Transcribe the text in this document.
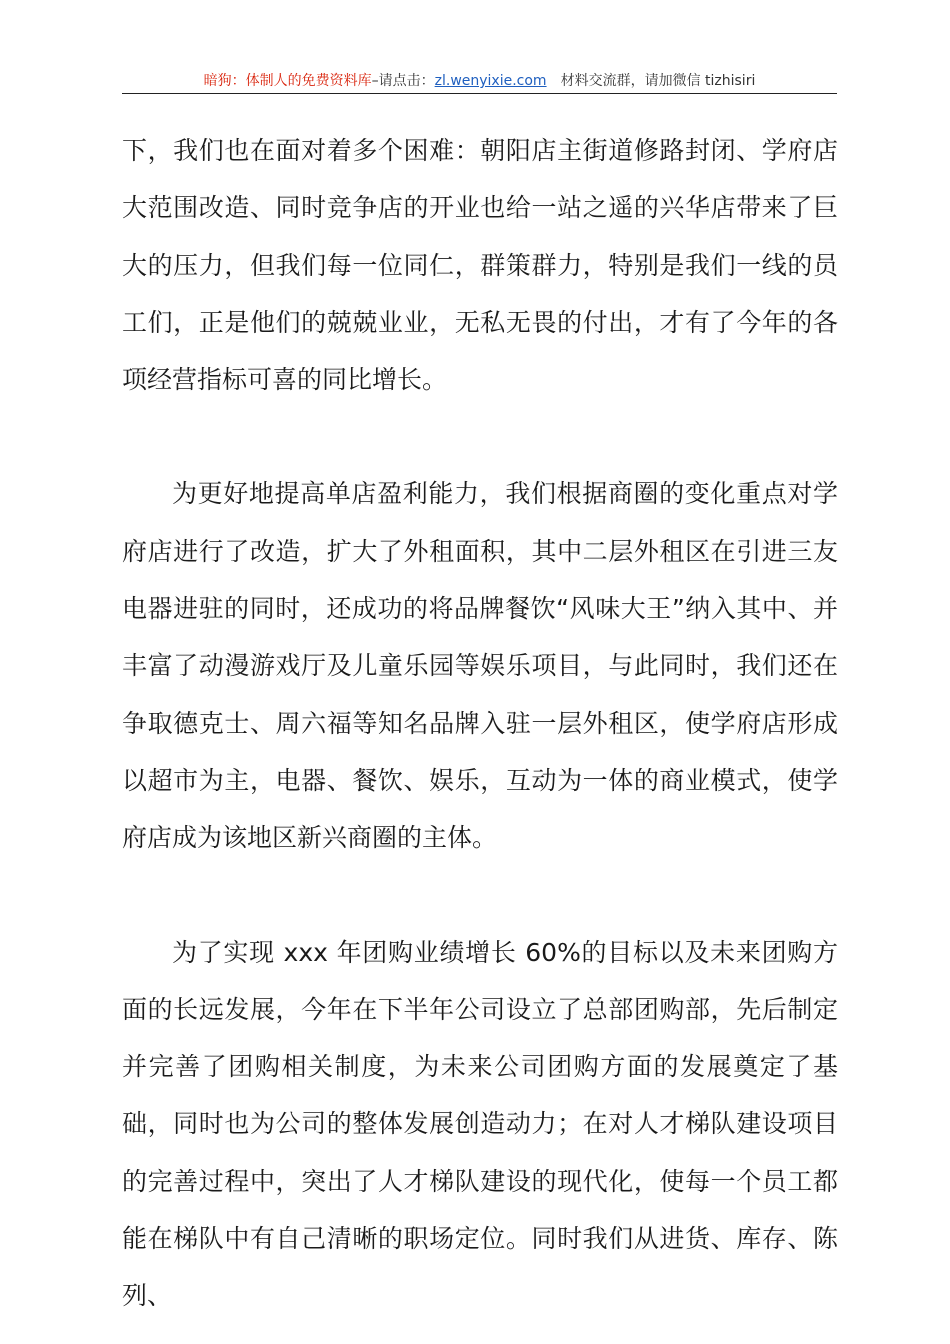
暗狗：体制人的免费资料库–请点击：zl.wenyixie.com 材料交流群，请加微信 tizhisiri

下，我们也在面对着多个困难：朝阳店主街道修路封闭、学府店大范围改造、同时竞争店的开业也给一站之遥的兴华店带来了巨大的压力，但我们每一位同仁，群策群力，特别是我们一线的员工们，正是他们的兢兢业业，无私无畏的付出，才有了今年的各项经营指标可喜的同比增长。

为更好地提高单店盈利能力，我们根据商圈的变化重点对学府店进行了改造，扩大了外租面积，其中二层外租区在引进三友电器进驻的同时，还成功的将品牌餐饮“风味大王”纳入其中、并丰富了动漫游戏厅及儿童乐园等娱乐项目，与此同时，我们还在争取德克士、周六福等知名品牌入驻一层外租区，使学府店形成以超市为主，电器、餐饮、娱乐，互动为一体的商业模式，使学府店成为该地区新兴商圈的主体。

为了实现 xxx 年团购业绩增长 60%的目标以及未来团购方面的长远发展，今年在下半年公司设立了总部团购部，先后制定并完善了团购相关制度，为未来公司团购方面的发展奠定了基础，同时也为公司的整体发展创造动力；在对人才梯队建设项目的完善过程中，突出了人才梯队建设的现代化，使每一个员工都能在梯队中有自己清晰的职场定位。同时我们从进货、库存、陈列、
